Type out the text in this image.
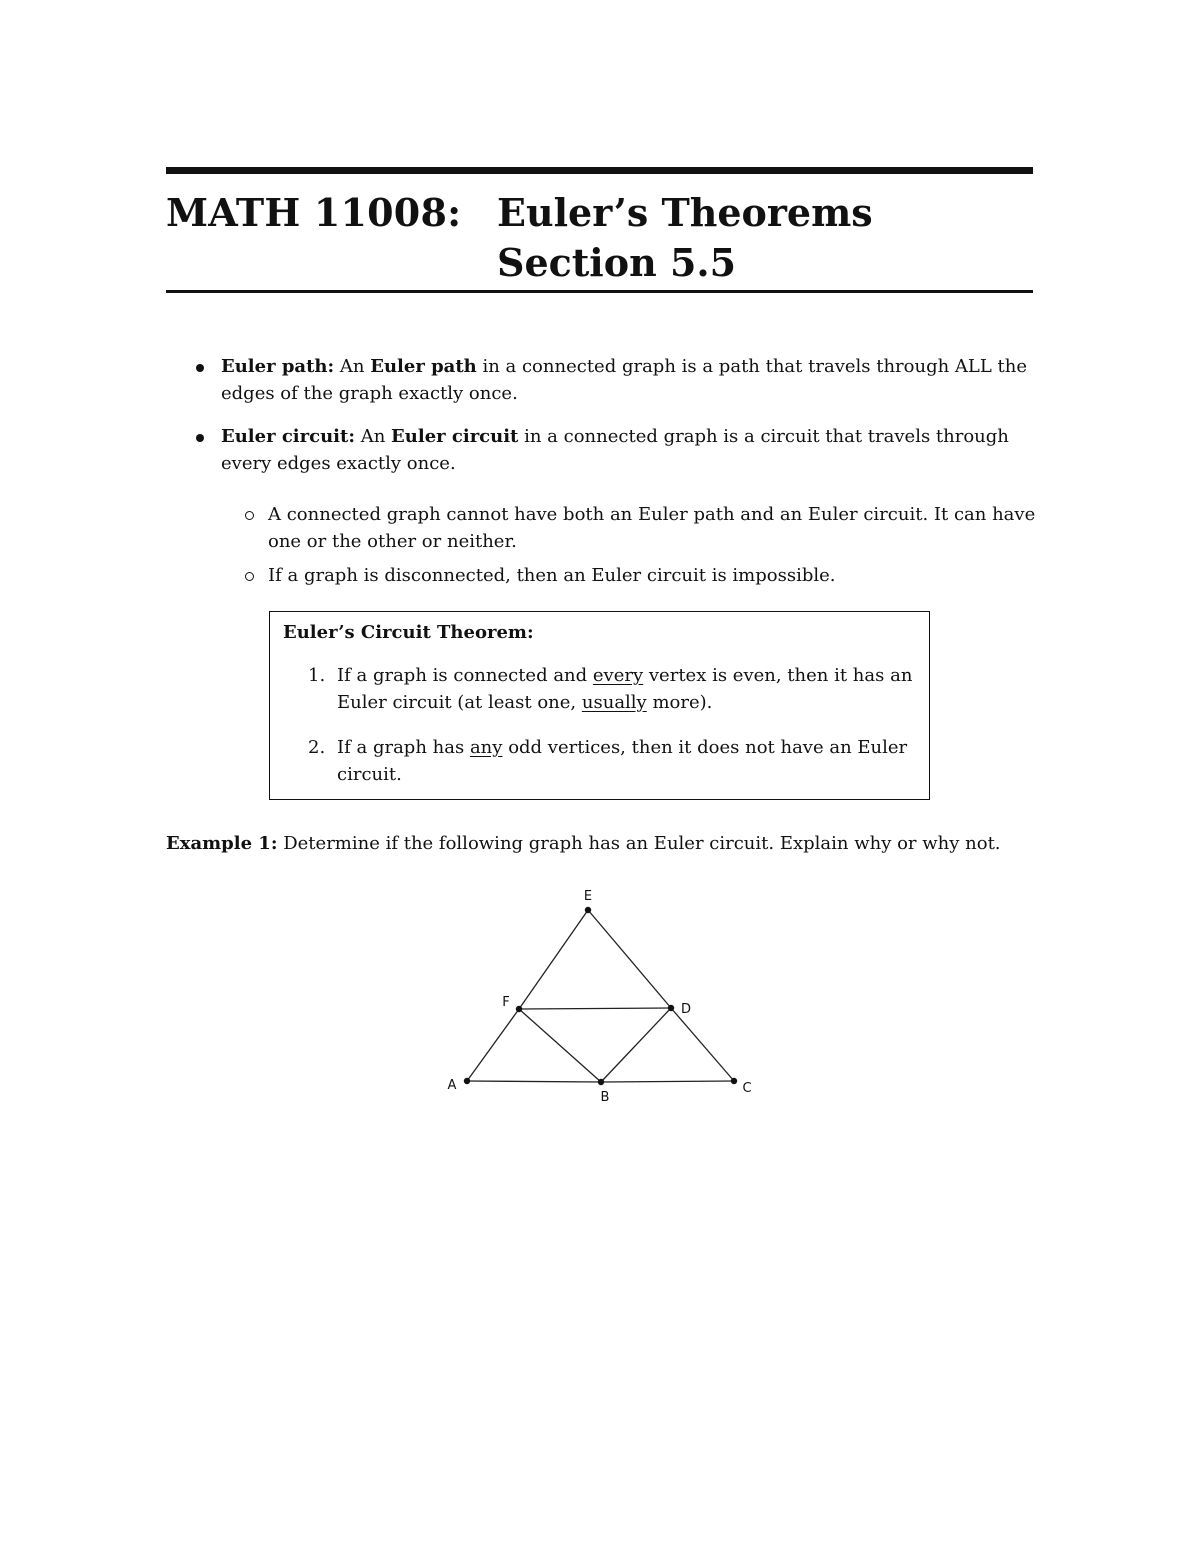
MATH 11008: Euler’s Theorems
Section 5.5
Euler path: An Euler path in a connected graph is a path that travels through ALL the edges of the graph exactly once.
Euler circuit: An Euler circuit in a connected graph is a circuit that travels through every edges exactly once.
A connected graph cannot have both an Euler path and an Euler circuit. It can have one or the other or neither.
If a graph is disconnected, then an Euler circuit is impossible.
Euler’s Circuit Theorem:
1. If a graph is connected and every vertex is even, then it has an Euler circuit (at least one, usually more).
2. If a graph has any odd vertices, then it does not have an Euler circuit.
Example 1: Determine if the following graph has an Euler circuit. Explain why or why not.
E
F	D
A
B
C
